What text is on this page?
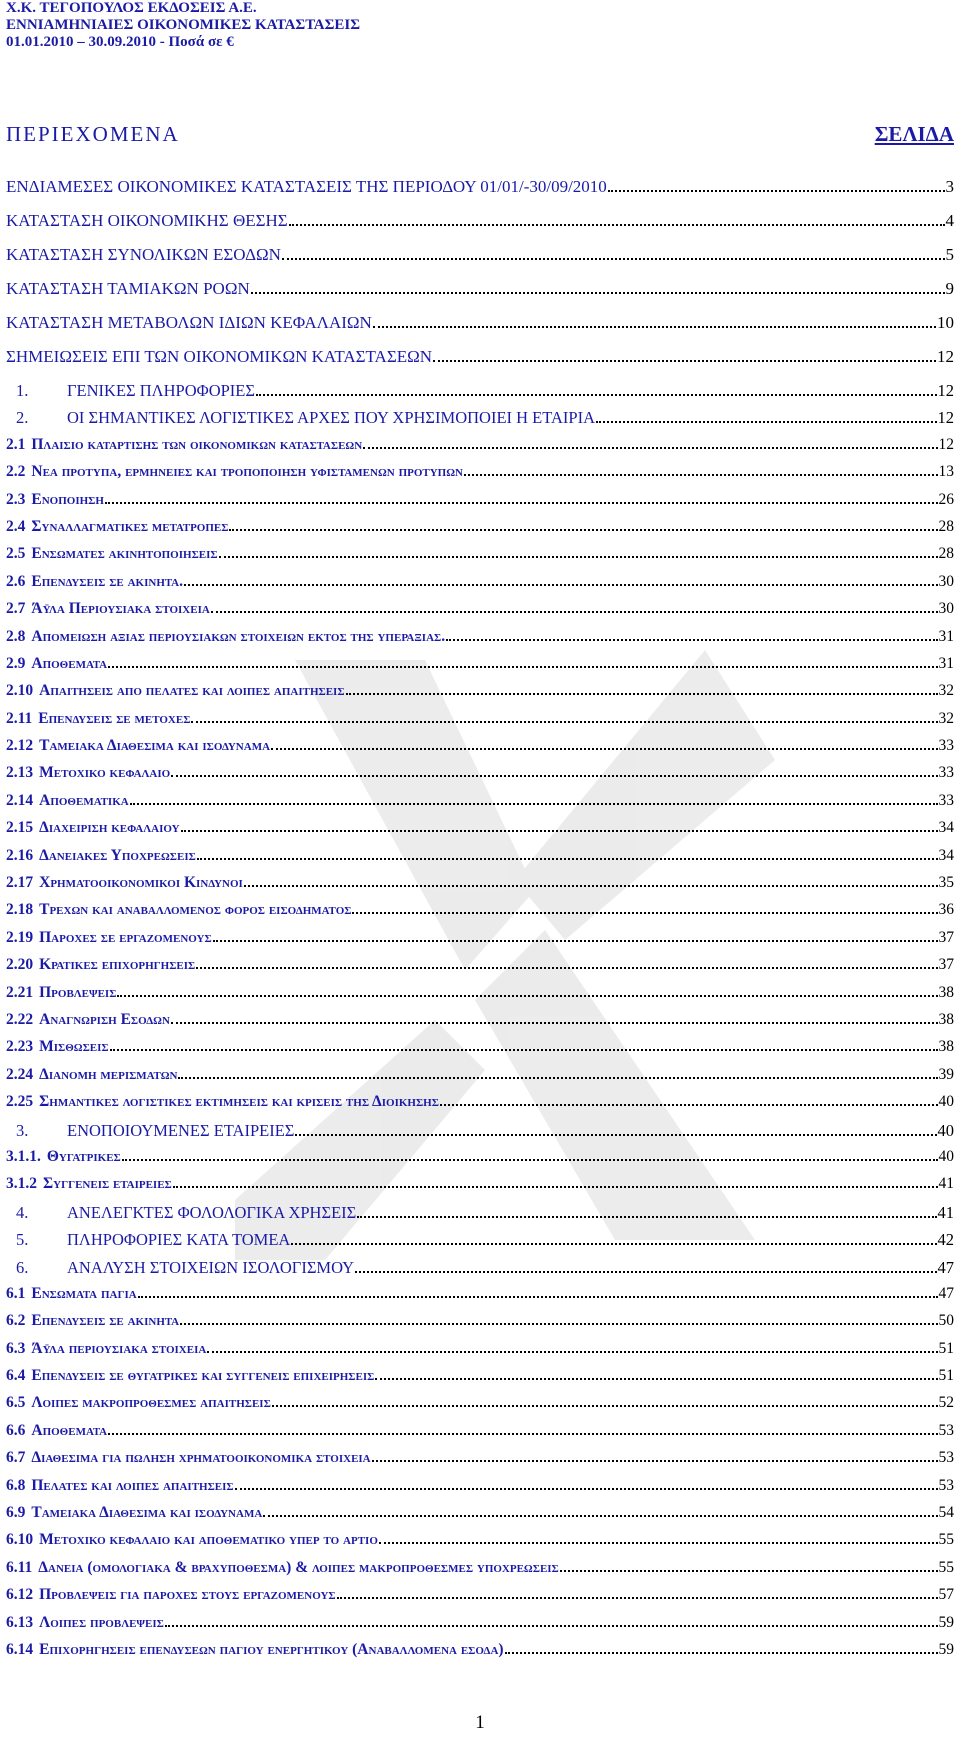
Χ.Κ. ΤΕΓΟΠΟΥΛΟΣ ΕΚΔΟΣΕΙΣ Α.Ε.
ΕΝΝΙΑΜΗΝΙΑΙΕΣ ΟΙΚΟΝΟΜΙΚΕΣ ΚΑΤΑΣΤΑΣΕΙΣ
01.01.2010 – 30.09.2010 - Ποσά σε €
ΠΕΡΙΕΧΟΜΕΝΑ	ΣΕΛΙΔΑ
ΕΝΔΙΑΜΕΣΕΣ ΟΙΚΟΝΟΜΙΚΕΣ ΚΑΤΑΣΤΑΣΕΙΣ ΤΗΣ ΠΕΡΙΟΔΟΥ 01/01/-30/09/2010	3
ΚΑΤΑΣΤΑΣΗ ΟΙΚΟΝΟΜΙΚΗΣ ΘΕΣΗΣ	4
ΚΑΤΑΣΤΑΣΗ ΣΥΝΟΛΙΚΩΝ ΕΣΟΔΩΝ	5
ΚΑΤΑΣΤΑΣΗ ΤΑΜΙΑΚΩΝ ΡΟΩΝ	9
ΚΑΤΑΣΤΑΣΗ ΜΕΤΑΒΟΛΩΝ ΙΔΙΩΝ ΚΕΦΑΛΑΙΩΝ	10
ΣΗΜΕΙΩΣΕΙΣ ΕΠΙ ΤΩΝ ΟΙΚΟΝΟΜΙΚΩΝ ΚΑΤΑΣΤΑΣΕΩΝ	12
1.	ΓΕΝΙΚΕΣ ΠΛΗΡΟΦΟΡΙΕΣ	12
2.	ΟΙ ΣΗΜΑΝΤΙΚΕΣ ΛΟΓΙΣΤΙΚΕΣ ΑΡΧΕΣ ΠΟΥ ΧΡΗΣΙΜΟΠΟΙΕΙ Η ΕΤΑΙΡΙΑ	12
2.1 Πλαισιο καταρτισης των οικονομικων καταστασεων	12
2.2 Νεα προτυπα, ερμηνειες και τροποποιηση υφισταμενων προτυπων	13
2.3 Ενοποιηση	26
2.4 Συναλλαγματικες μετατροπες	28
2.5 Ενσωματες ακινητοποιησεις	28
2.6 Επενδυσεις σε ακινητα.	30
2.7 Άϋλα Περιουσιακα στοιχεια	30
2.8 Απομειωση αξιας περιουσιακων στοιχειων εκτος της υπεραξιας.	31
2.9 Αποθεματα	31
2.10 Απαιτησεις απο πελατες και λοιπες απαιτησεις	32
2.11 Επενδυσεις σε μετοχες	32
2.12 Ταμειακα Διαθεσιμα και ισοδυναμα	33
2.13 Μετοχικο κεφαλαιο	33
2.14 Αποθεματικα	33
2.15 Διαχειριση κεφαλαιου	34
2.16 Δανειακες Υποχρεωσεις	34
2.17 Χρηματοοικονομικοι Κινδυνοι	35
2.18 Τρεχων και αναβαλλομενος φορος εισοδηματος	36
2.19 Παροχες σε εργαζομενους	37
2.20 Κρατικες επιχορηγησεις	37
2.21 Προβλεψεις	38
2.22 Αναγνωριση Εσοδων	38
2.23 Μισθωσεις	38
2.24 Διανομη μερισματων	39
2.25 Σημαντικες λογιστικες εκτιμησεις και κρισεις της Διοικησης	40
3.	ΕΝΟΠΟΙΟΥΜΕΝΕΣ ΕΤΑΙΡΕΙΕΣ	40
3.1.1. Θυγατρικες	40
3.1.2 Συγγενεις εταιρειες	41
4.	ΑΝΕΛΕΓΚΤΕΣ ΦΟΛΟΛΟΓΙΚΑ ΧΡΗΣΕΙΣ	41
5.	ΠΛΗΡΟΦΟΡΙΕΣ ΚΑΤΑ ΤΟΜΕΑ	42
6.	ΑΝΑΛΥΣΗ ΣΤΟΙΧΕΙΩΝ ΙΣΟΛΟΓΙΣΜΟΥ	47
6.1 Ενσωματα παγια	47
6.2 Επενδυσεις σε ακινητα	50
6.3 Άϋλα περιουσιακα στοιχεια	51
6.4 Επενδυσεις σε θυγατρικες και συγγενεις επιχειρησεις	51
6.5 Λοιπες μακροπροθεσμες απαιτησεις	52
6.6 Αποθεματα	53
6.7 Διαθεσιμα για πωληση χρηματοοικονομικα στοιχεια	53
6.8 Πελατες και λοιπες απαιτησεις	53
6.9 Ταμειακα Διαθεσιμα και ισοδυναμα	54
6.10 Μετοχικο κεφαλαιο και αποθεματικο υπερ το αρτιο	55
6.11 Δανεια (ομολογιακα & βραχυποθεσμα) & λοιπες μακροπροθεσμες υποχρεωσεις	55
6.12 Προβλεψεις για παροχες στους εργαζομενους	57
6.13 Λοιπες προβλεψεις	59
6.14 Επιχορηγησεις επενδυσεων παγιου ενεργητικου (Αναβαλλομενα εσοδα)	59
1
